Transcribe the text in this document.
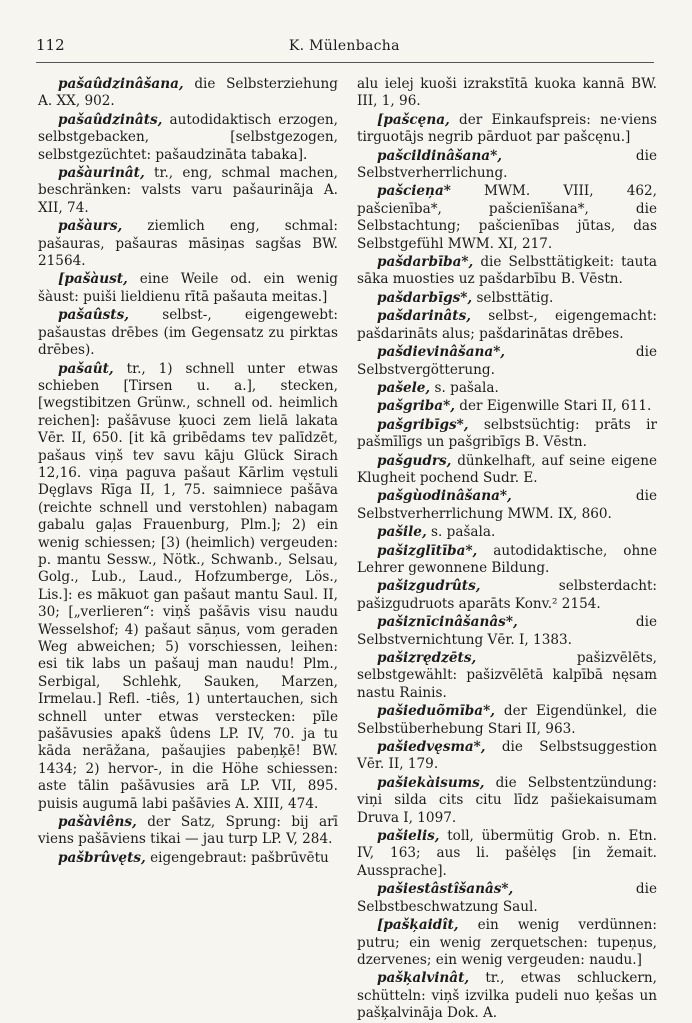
112	K. Mülenbacha

pašaûdzinâšana, die Selbsterziehung A. XX, 902.

pašaûdzinâts, autodidaktisch erzogen, selbstgebacken, [selbstgezogen, selbstgezüchtet: pašaudzināta tabaka].

pašàurinât, tr., eng, schmal machen, beschränken: valsts varu pašaurinãja A. XII, 74.

pašàurs, ziemlich eng, schmal: pašauras, pašauras māsiņas sagšas BW. 21564.

[pašàust, eine Weile od. ein wenig šàust: puiši lieldienu rītā pašauta meitas.]

pašaûsts, selbst-, eigengewebt: pašaustas drēbes (im Gegensatz zu pirktas drēbes).

pašaût, tr., 1) schnell unter etwas schieben [Tirsen u. a.], stecken, [wegstibitzen Grünw., schnell od. heimlich reichen]: pašāvuse ķuoci zem lielā lakata Vēr. II, 650. [it kā gribēdams tev palīdzēt, pašaus viņš tev savu kāju Glück Sirach 12,16. viņa paguva pašaut Kārlim vęstuli Dęglavs Rīga II, 1, 75. saimniece pašāva (reichte schnell und verstohlen) nabagam gabalu gaļas Frauenburg, Plm.]; 2) ein wenig schiessen; [3) (heimlich) vergeuden: p. mantu Sessw., Nötk., Schwanb., Selsau, Golg., Lub., Laud., Hofzumberge, Lös., Lis.]: es mākuot gan pašaut mantu Saul. II, 30; [„verlieren“: viņš pašāvis visu naudu Wesselshof; 4) pašaut sāņus, vom geraden Weg abweichen; 5) vorschiessen, leihen: esi tik labs un pašauj man naudu! Plm., Serbigal, Schlehk, Sauken, Marzen, Irmelau.] Refl. -tiês, 1) untertauchen, sich schnell unter etwas verstecken: pīle pašāvusies apakš ûdens LP. IV, 70. ja tu kāda nerāžana, pašaujies pabeņķē! BW. 1434; 2) hervor-, in die Höhe schiessen: aste tālin pašāvusies arā LP. VII, 895. puisis augumā labi pašāvies A. XIII, 474.

pašàviêns, der Satz, Sprung: bij arī viens pašāviens tikai — jau turp LP. V, 284.

pašbrûvęts, eigengebraut: pašbrūvētu

alu ielej kuoši izrakstītā kuoka kannā BW. III, 1, 96.

[pašcęna, der Einkaufspreis: ne·viens tirguotājs negrib pārduot par pašcęnu.]

pašcildinâšana*,	die Selbstverherrlichung.

pašcieņa* MWM. VIII, 462, pašcienība*, pašcienīšana*, die Selbstachtung; pašcienības jūtas, das Selbstgefühl MWM. XI, 217.

pašdarbība*, die Selbsttätigkeit: tauta sāka muosties uz pašdarbību B. Vēstn.

pašdarbīgs*, selbsttätig.

pašdarinâts, selbst-, eigengemacht: pašdarināts alus; pašdarinātas drēbes.

pašdievinâšana*,	die Selbstvergötterung.

pašele, s. pašala.

pašgriba*, der Eigenwille Stari II, 611.

pašgribīgs*, selbstsüchtig: prāts ir pašmīlīgs un pašgribīgs B. Vēstn.

pašgudrs, dünkelhaft, auf seine eigene Klugheit pochend Sudr. E.

pašgùodinâšana*,	die Selbstverherrlichung MWM. IX, 860.

pašile, s. pašala.

pašizglītība*, autodidaktische, ohne Lehrer gewonnene Bildung.

pašizgudrûts,	selbsterdacht: pašizgudruots aparāts Konv.² 2154.

pašiznīcinâšanâs*,	die Selbstvernichtung Vēr. I, 1383.

pašizrędzēts,	pašizvēlēts, selbstgewählt: pašizvēlētā kalpībā nęsam nastu Rainis.

pašieduõmība*, der Eigendünkel, die Selbstüberhebung Stari II, 963.

pašiedvęsma*, die Selbstsuggestion Vēr. II, 179.

pašiekàisums, die Selbstentzündung: viņi silda cits citu līdz pašiekaisumam Druva I, 1097.

pašielis, toll, übermütig Grob. n. Etn. IV, 163; aus li. pašėlęs [in žemait. Aussprache].

pašiestâstîšanâs*,	die Selbstbeschwatzung Saul.

[pašķaidît, ein wenig verdünnen: putru; ein wenig zerquetschen: tupeņus, dzervenes; ein wenig vergeuden: naudu.]

pašķalvinât, tr., etwas schluckern, schütteln: viņš izvilka pudeli nuo ķešas un pašķalvināja Dok. A.
